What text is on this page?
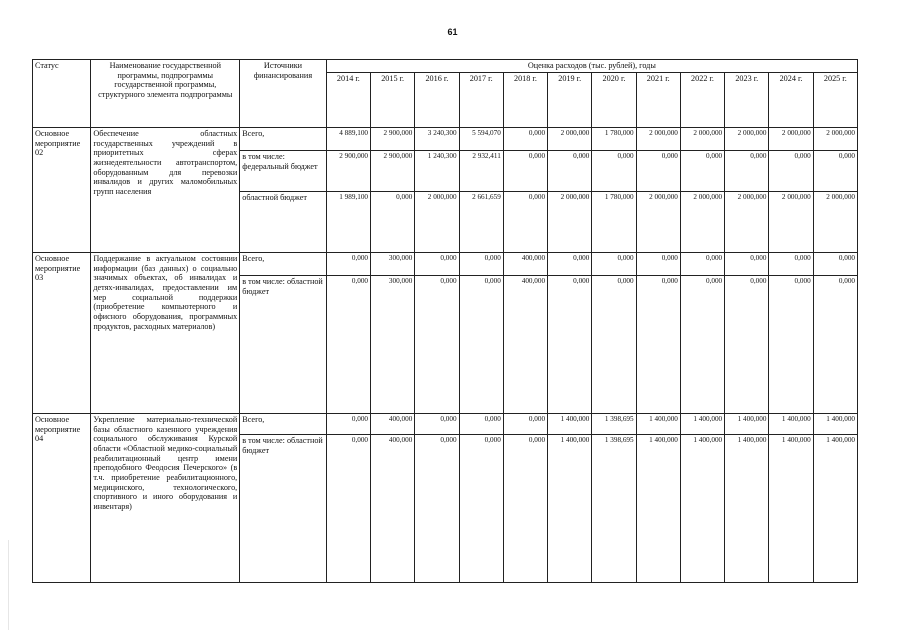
61
Статус	Наименование государственной программы, подпрограммы государственной программы, структурного элемента подпрограммы	Источники финансирования	Оценка расходов (тыс. рублей), годы											
			2014 г.	2015 г.	2016 г.	2017 г.	2018 г.	2019 г.	2020 г.	2021 г.	2022 г.	2023 г.	2024 г.	2025 г.
Основное мероприятие 02	Обеспечение областных государственных учреждений в приоритетных сферах жизнедеятельности автотранспортом, оборудованным для перевозки инвалидов и других маломобильных групп населения	Всего,	4 889,100	2 900,000	3 240,300	5 594,070	0,000	2 000,000	1 780,000	2 000,000	2 000,000	2 000,000	2 000,000	2 000,000
		в том числе: федеральный бюджет	2 900,000	2 900,000	1 240,300	2 932,411	0,000	0,000	0,000	0,000	0,000	0,000	0,000	0,000
		областной бюджет	1 989,100	0,000	2 000,000	2 661,659	0,000	2 000,000	1 780,000	2 000,000	2 000,000	2 000,000	2 000,000	2 000,000
Основное мероприятие 03	Поддержание в актуальном состоянии информации (баз данных) о социально значимых объектах, об инвалидах и детях-инвалидах, предоставлении им мер социальной поддержки (приобретение компьютерного и офисного оборудования, программных продуктов, расходных материалов)	Всего,	0,000	300,000	0,000	0,000	400,000	0,000	0,000	0,000	0,000	0,000	0,000	0,000
		в том числе: областной бюджет	0,000	300,000	0,000	0,000	400,000	0,000	0,000	0,000	0,000	0,000	0,000	0,000
Основное мероприятие 04	Укрепление материально-технической базы областного казенного учреждения социального обслуживания Курской области «Областной медико-социальный реабилитационный центр имени преподобного Феодосия Печерского» (в т.ч. приобретение реабилитационного, медицинского, технологического, спортивного и иного оборудования и инвентаря)	Всего,	0,000	400,000	0,000	0,000	0,000	1 400,000	1 398,695	1 400,000	1 400,000	1 400,000	1 400,000	1 400,000
		в том числе: областной бюджет	0,000	400,000	0,000	0,000	0,000	1 400,000	1 398,695	1 400,000	1 400,000	1 400,000	1 400,000	1 400,000
